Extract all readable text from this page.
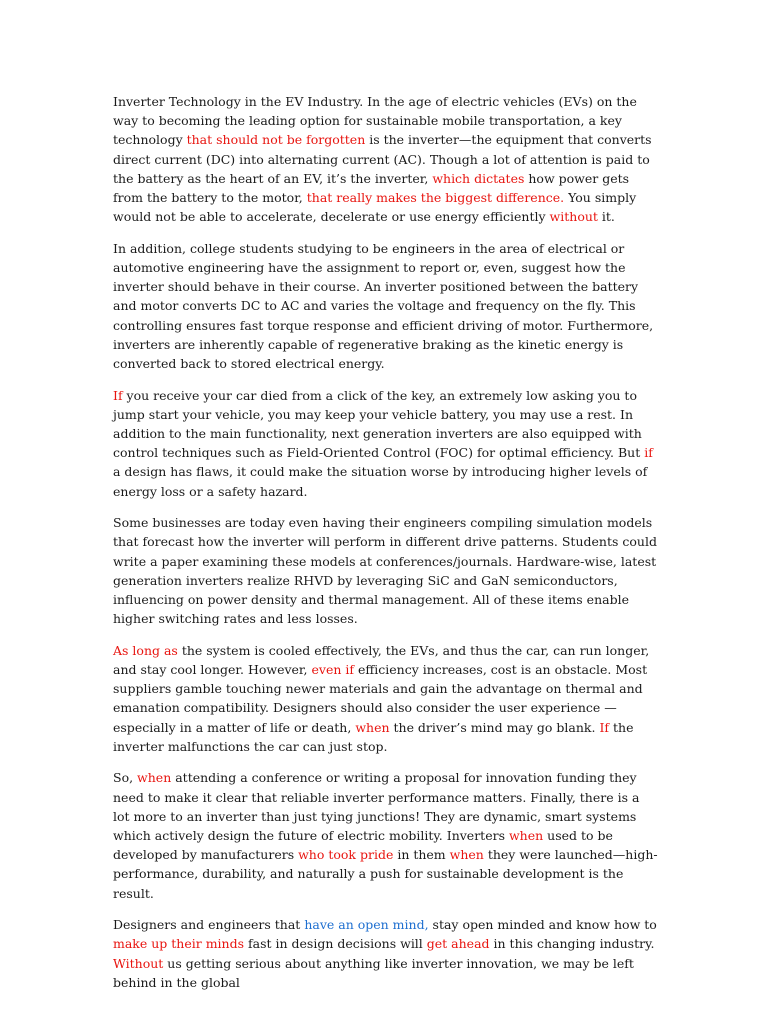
Inverter Technology in the EV Industry. In the age of electric vehicles (EVs) on the way to becoming the leading option for sustainable mobile transportation, a key technology that should not be forgotten is the inverter—the equipment that converts direct current (DC) into alternating current (AC). Though a lot of attention is paid to the battery as the heart of an EV, it’s the inverter, which dictates how power gets from the battery to the motor, that really makes the biggest difference. You simply would not be able to accelerate, decelerate or use energy efficiently without it.

In addition, college students studying to be engineers in the area of electrical or automotive engineering have the assignment to report or, even, suggest how the inverter should behave in their course. An inverter positioned between the battery and motor converts DC to AC and varies the voltage and frequency on the fly. This controlling ensures fast torque response and efficient driving of motor. Furthermore, inverters are inherently capable of regenerative braking as the kinetic energy is converted back to stored electrical energy.

If you receive your car died from a click of the key, an extremely low asking you to jump start your vehicle, you may keep your vehicle battery, you may use a rest. In addition to the main functionality, next generation inverters are also equipped with control techniques such as Field-Oriented Control (FOC) for optimal efficiency. But if a design has flaws, it could make the situation worse by introducing higher levels of energy loss or a safety hazard.

Some businesses are today even having their engineers compiling simulation models that forecast how the inverter will perform in different drive patterns. Students could write a paper examining these models at conferences/journals. Hardware-wise, latest generation inverters realize RHVD by leveraging SiC and GaN semiconductors, influencing on power density and thermal management. All of these items enable higher switching rates and less losses.

As long as the system is cooled effectively, the EVs, and thus the car, can run longer, and stay cool longer. However, even if efficiency increases, cost is an obstacle. Most suppliers gamble touching newer materials and gain the advantage on thermal and emanation compatibility. Designers should also consider the user experience — especially in a matter of life or death, when the driver’s mind may go blank. If the inverter malfunctions the car can just stop.

So, when attending a conference or writing a proposal for innovation funding they need to make it clear that reliable inverter performance matters. Finally, there is a lot more to an inverter than just tying junctions! They are dynamic, smart systems which actively design the future of electric mobility. Inverters when used to be developed by manufacturers who took pride in them when they were launched—high-performance, durability, and naturally a push for sustainable development is the result.

Designers and engineers that have an open mind, stay open minded and know how to make up their minds fast in design decisions will get ahead in this changing industry. Without us getting serious about anything like inverter innovation, we may be left behind in the global
